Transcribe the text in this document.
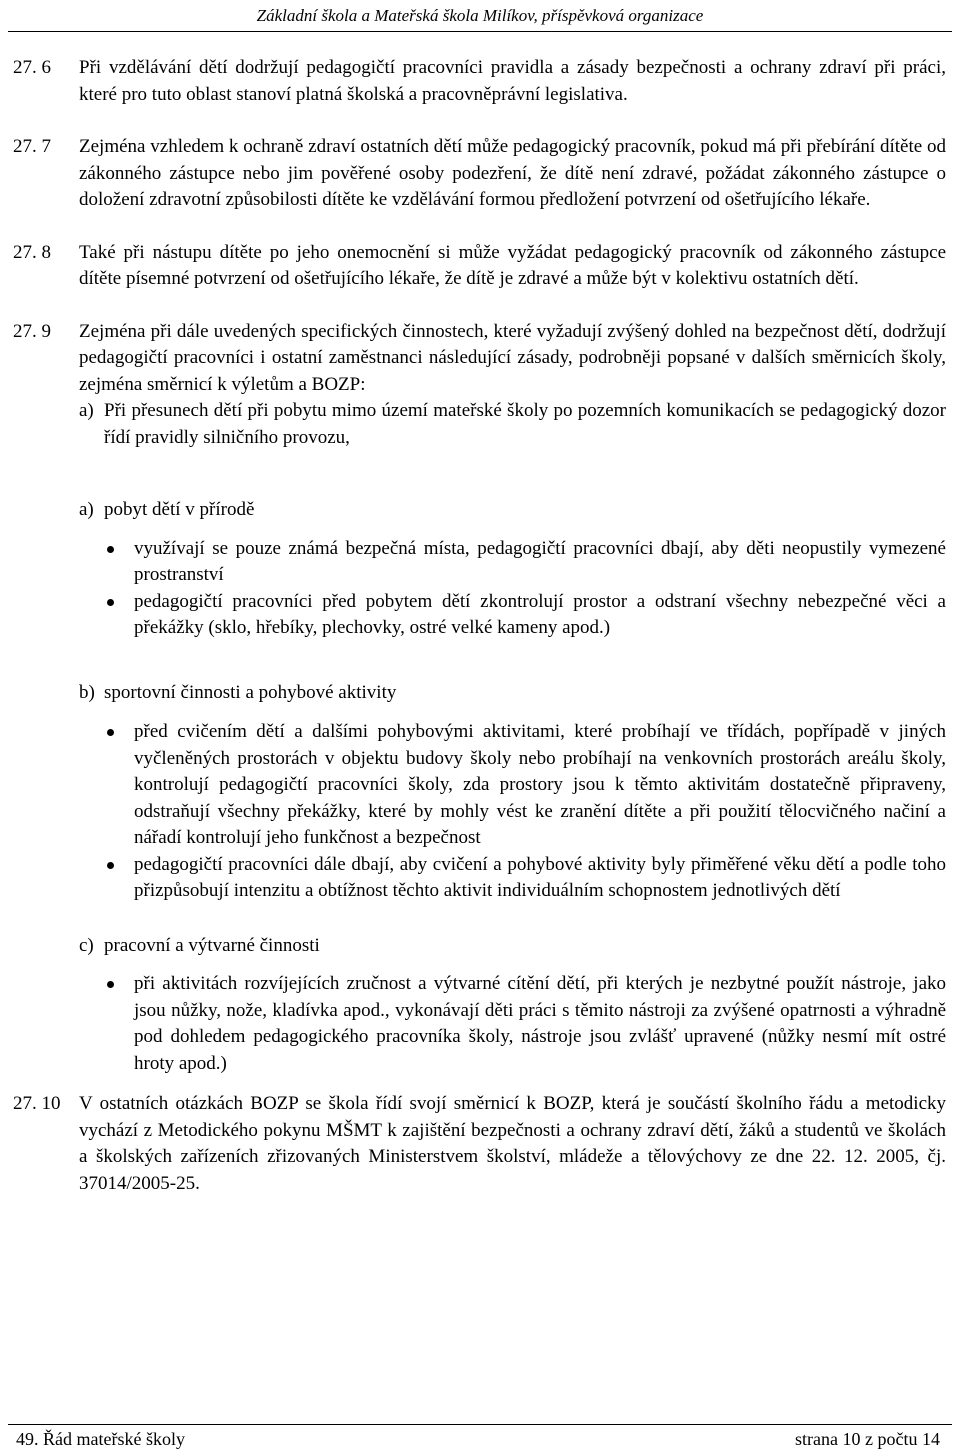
Základní škola a Mateřská škola Milíkov, příspěvková organizace
27. 6	Při vzdělávání dětí dodržují pedagogičtí pracovníci pravidla a zásady bezpečnosti a ochrany zdraví při práci, které pro tuto oblast stanoví platná školská a pracovněprávní legislativa.
27. 7	Zejména vzhledem k ochraně zdraví ostatních dětí může pedagogický pracovník, pokud má při přebírání dítěte od zákonného zástupce nebo jim pověřené osoby podezření, že dítě není zdravé, požádat zákonného zástupce o doložení zdravotní způsobilosti dítěte ke vzdělávání formou předložení potvrzení od ošetřujícího lékaře.
27. 8	Také při nástupu dítěte po jeho onemocnění si může vyžádat pedagogický pracovník od zákonného zástupce dítěte písemné potvrzení od ošetřujícího lékaře, že dítě je zdravé a může být v kolektivu ostatních dětí.
27. 9	Zejména při dále uvedených specifických činnostech, které vyžadují zvýšený dohled na bezpečnost dětí, dodržují pedagogičtí pracovníci i ostatní zaměstnanci následující zásady, podrobněji popsané v dalších směrnicích školy, zejména směrnicí k výletům a BOZP:
a) Při přesunech dětí při pobytu mimo území mateřské školy po pozemních komunikacích se pedagogický dozor řídí pravidly silničního provozu,
a) pobyt dětí v přírodě
využívají se pouze známá bezpečná místa, pedagogičtí pracovníci dbají, aby děti neopustily vymezené prostranství
pedagogičtí pracovníci před pobytem dětí zkontrolují prostor a odstraní všechny nebezpečné věci a překážky (sklo, hřebíky, plechovky, ostré velké kameny apod.)
b) sportovní činnosti a pohybové aktivity
před cvičením dětí a dalšími pohybovými aktivitami, které probíhají ve třídách, popřípadě v jiných vyčleněných prostorách v objektu budovy školy nebo probíhají na venkovních prostorách areálu školy, kontrolují pedagogičtí pracovníci školy, zda prostory jsou k těmto aktivitám dostatečně připraveny, odstraňují všechny překážky, které by mohly vést ke zranění dítěte a při použití tělocvičného načiní a nářadí kontrolují jeho funkčnost a bezpečnost
pedagogičtí pracovníci dále dbají, aby cvičení a pohybové aktivity byly přiměřené věku dětí a podle toho přizpůsobují intenzitu a obtížnost těchto aktivit individuálním schopnostem jednotlivých dětí
c) pracovní a výtvarné činnosti
při aktivitách rozvíjejících zručnost a výtvarné cítění dětí, při kterých je nezbytné použít nástroje, jako jsou nůžky, nože, kladívka apod., vykonávají děti práci s těmito nástroji za zvýšené opatrnosti a výhradně pod dohledem pedagogického pracovníka školy, nástroje jsou zvlášť upravené (nůžky nesmí mít ostré hroty apod.)
27. 10 V ostatních otázkách BOZP se škola řídí svojí směrnicí k BOZP, která je součástí školního řádu a metodicky vychází z Metodického pokynu MŠMT k zajištění bezpečnosti a ochrany zdraví dětí, žáků a studentů ve školách a školských zařízeních zřizovaných Ministerstvem školství, mládeže a tělovýchovy ze dne 22. 12. 2005, čj. 37014/2005-25.
49. Řád mateřské školy	strana 10 z počtu 14
